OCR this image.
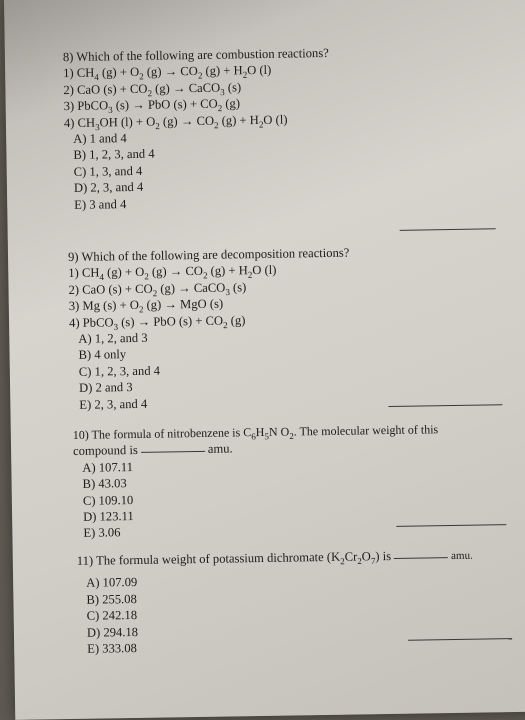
8) Which of the following are combustion reactions?
1) $CH_4$ $(g) + O_2$ $(g) \to CO_2$ $(g) + H_2O$ (l)
2) CaO $(s) + CO_2$ (g) → CaCO$_3$ (s)
3) PbCO$_3$ (s) → PbO $(s) + CO_2$ (g)
4) $CH_3OH$ $(l) + O_2$ $(g) \to CO_2$ $(g) + H_2O$ (l)
A) 1 and 4
B) 1, 2, 3, and 4
C) 1, 3, and 4
D) 2, 3, and 4
E) 3 and 4
9) Which of the following are decomposition reactions?
1) $CH_4$ $(g) + O_2$ $(g) \to CO_2$ $(g) + H_2O$ (l)
2) CaO $(s) + CO_2$ (g) → CaCO$_3$ (s)
3) Mg $(s) + O_2$ (g) → MgO (s)
4) PbCO$_3$ (s) → PbO $(s) + CO_2$ (g)
A) 1, 2, and 3
B) 4 only
C) 1, 2, 3, and 4
D) 2 and 3
E) 2, 3, and 4
10) The formula of nitrobenzene is $C_6H_5N$ $O_2$. The molecular weight of this
compound is	amu.
A) 107.11
B) 43.03
C) 109.10
D) 123.11
E) 3.06
11) The formula weight of potassium dichromate $(K_2Cr_2O_7)$ is	amu.
A) 107.09
B) 255.08
C) 242.18
D) 294.18
E) 333.08
